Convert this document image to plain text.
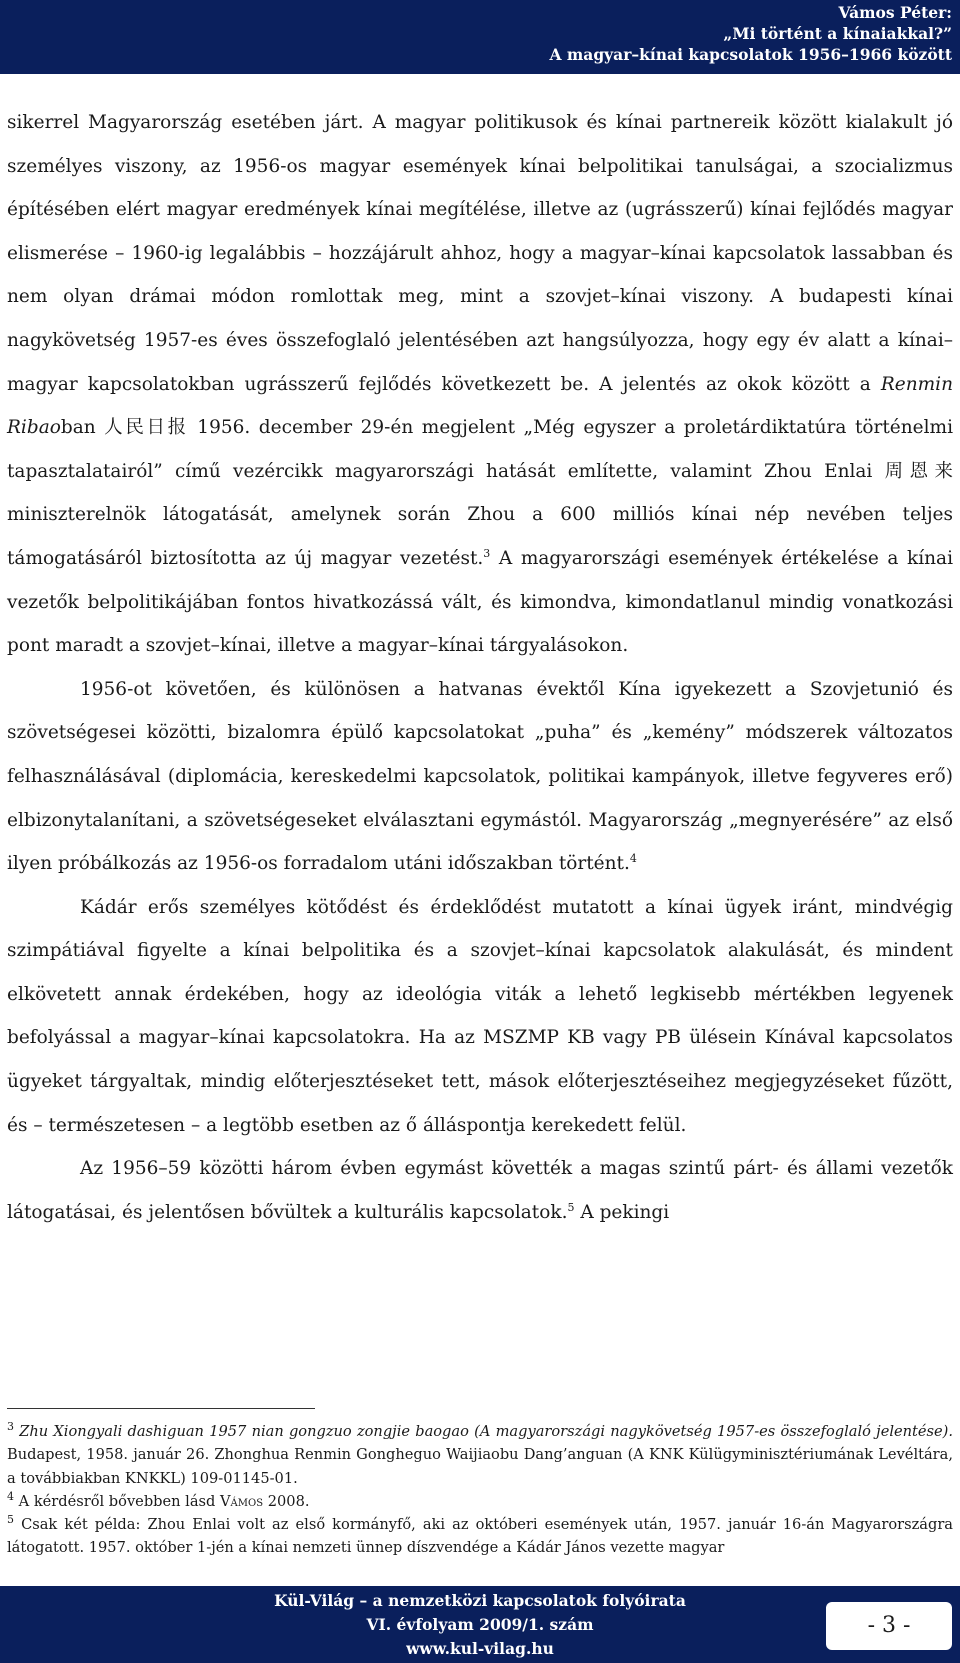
Vámos Péter:
„Mi történt a kínaiakkal?”
A magyar–kínai kapcsolatok 1956–1966 között

sikerrel Magyarország esetében járt. A magyar politikusok és kínai partnereik között kialakult jó személyes viszony, az 1956-os magyar események kínai belpolitikai tanulságai, a szocializmus építésében elért magyar eredmények kínai megítélése, illetve az (ugrásszerű) kínai fejlődés magyar elismerése – 1960-ig legalábbis – hozzájárult ahhoz, hogy a magyar–kínai kapcsolatok lassabban és nem olyan drámai módon romlottak meg, mint a szovjet–kínai viszony. A budapesti kínai nagykövetség 1957-es éves összefoglaló jelentésében azt hangsúlyozza, hogy egy év alatt a kínai–magyar kapcsolatokban ugrásszerű fejlődés következett be. A jelentés az okok között a Renmin Ribaoban 人民日报 1956. december 29-én megjelent „Még egyszer a proletárdiktatúra történelmi tapasztalatairól” című vezércikk magyarországi hatását említette, valamint Zhou Enlai 周恩来 miniszterelnök látogatását, amelynek során Zhou a 600 milliós kínai nép nevében teljes támogatásáról biztosította az új magyar vezetést.$^3$ A magyarországi események értékelése a kínai vezetők belpolitikájában fontos hivatkozássá vált, és kimondva, kimondatlanul mindig vonatkozási pont maradt a szovjet–kínai, illetve a magyar–kínai tárgyalásokon.

1956-ot követően, és különösen a hatvanas évektől Kína igyekezett a Szovjetunió és szövetségesei közötti, bizalomra épülő kapcsolatokat „puha” és „kemény” módszerek változatos felhasználásával (diplomácia, kereskedelmi kapcsolatok, politikai kampányok, illetve fegyveres erő) elbizonytalanítani, a szövetségeseket elválasztani egymástól. Magyarország „megnyerésére” az első ilyen próbálkozás az 1956-os forradalom utáni időszakban történt.$^4$

Kádár erős személyes kötődést és érdeklődést mutatott a kínai ügyek iránt, mindvégig szimpátiával figyelte a kínai belpolitika és a szovjet–kínai kapcsolatok alakulását, és mindent elkövetett annak érdekében, hogy az ideológia viták a lehető legkisebb mértékben legyenek befolyással a magyar–kínai kapcsolatokra. Ha az MSZMP KB vagy PB ülésein Kínával kapcsolatos ügyeket tárgyaltak, mindig előterjesztéseket tett, mások előterjesztéseihez megjegyzéseket fűzött, és – természetesen – a legtöbb esetben az ő álláspontja kerekedett felül.

Az 1956–59 közötti három évben egymást követték a magas szintű párt- és állami vezetők látogatásai, és jelentősen bővültek a kulturális kapcsolatok.$^5$ A pekingi

$^3$ Zhu Xiongyali dashiguan 1957 nian gongzuo zongjie baogao (A magyarországi nagykövetség 1957-es összefoglaló jelentése). Budapest, 1958. január 26. Zhonghua Renmin Gongheguo Waijiaobu Dang’anguan (A KNK Külügyminisztériumának Levéltára, a továbbiakban KNKKL) 109-01145-01.

$^4$ A kérdésről bővebben lásd Vámos 2008.

$^5$ Csak két példa: Zhou Enlai volt az első kormányfő, aki az októberi események után, 1957. január 16-án Magyarországra látogatott. 1957. október 1-jén a kínai nemzeti ünnep díszvendége a Kádár János vezette magyar

Kül-Világ – a nemzetközi kapcsolatok folyóirata
VI. évfolyam 2009/1. szám
www.kul-vilag.hu
- 3 -
